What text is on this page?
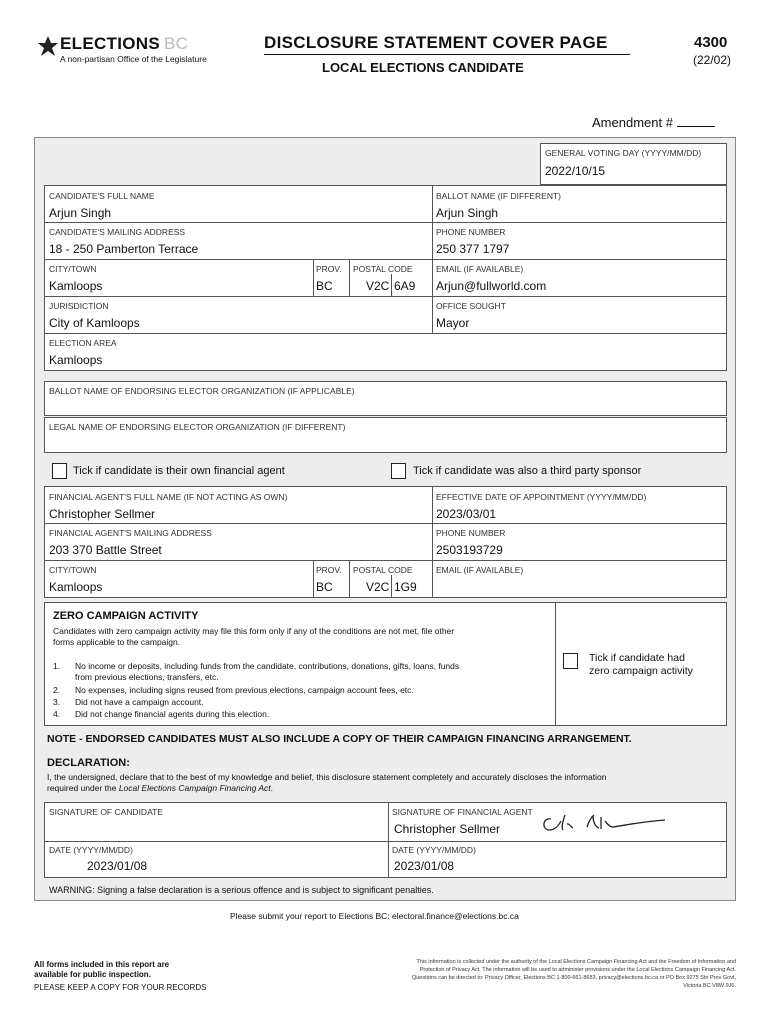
ELECTIONS BC
A non-partisan Office of the Legislature
DISCLOSURE STATEMENT COVER PAGE
LOCAL ELECTIONS CANDIDATE
4300
(22/02)
Amendment #
GENERAL VOTING DAY (YYYY/MM/DD)
2022/10/15
CANDIDATE'S FULL NAME
Arjun Singh
BALLOT NAME (IF DIFFERENT)
Arjun Singh
CANDIDATE'S MAILING ADDRESS
18 - 250 Pamberton Terrace
PHONE NUMBER
250 377 1797
CITY/TOWN
Kamloops
PROV.
BC
POSTAL CODE
V2C 6A9
EMAIL (IF AVAILABLE)
Arjun@fullworld.com
JURISDICTION
City of Kamloops
OFFICE SOUGHT
Mayor
ELECTION AREA
Kamloops
BALLOT NAME OF ENDORSING ELECTOR ORGANIZATION (IF APPLICABLE)
LEGAL NAME OF ENDORSING ELECTOR ORGANIZATION (IF DIFFERENT)
Tick if candidate is their own financial agent	Tick if candidate was also a third party sponsor
FINANCIAL AGENT'S FULL NAME (IF NOT ACTING AS OWN)
Christopher Sellmer
EFFECTIVE DATE OF APPOINTMENT (YYYY/MM/DD)
2023/03/01
FINANCIAL AGENT'S MAILING ADDRESS
203 370 Battle Street
PHONE NUMBER
2503193729
CITY/TOWN
Kamloops
PROV.
BC
POSTAL CODE
V2C 1G9
EMAIL (IF AVAILABLE)
ZERO CAMPAIGN ACTIVITY
Candidates with zero campaign activity may file this form only if any of the conditions are not met, file other
forms applicable to the campaign.
1. No income or deposits, including funds from the candidate, contributions, donations, gifts, loans, funds
from previous elections, transfers, etc.
2. No expenses, including signs reused from previous elections, campaign account fees, etc.
3. Did not have a campaign account.
4. Did not change financial agents during this election.
Tick if candidate had
zero campaign activity
NOTE - ENDORSED CANDIDATES MUST ALSO INCLUDE A COPY OF THEIR CAMPAIGN FINANCING ARRANGEMENT.
DECLARATION:
I, the undersigned, declare that to the best of my knowledge and belief, this disclosure statement completely and accurately discloses the information
required under the Local Elections Campaign Financing Act.
SIGNATURE OF CANDIDATE	SIGNATURE OF FINANCIAL AGENT
Christopher Sellmer
DATE (YYYY/MM/DD)
2023/01/08
DATE (YYYY/MM/DD)
2023/01/08
WARNING: Signing a false declaration is a serious offence and is subject to significant penalties.
Please submit your report to Elections BC: electoral.finance@elections.bc.ca
All forms included in this report are
available for public inspection.
PLEASE KEEP A COPY FOR YOUR RECORDS
This information is collected under the authority of the Local Elections Campaign Financing Act and the Freedom of Information and Protection of Privacy Act. The information will be used to administer provisions under the Local Elections Campaign Financing Act. Questions can be directed to: Privacy Officer, Elections BC 1-800-661-8683, privacy@elections.bc.ca or PO Box 9275 Stn Prov Govt, Victoria BC V8W 9J6.
